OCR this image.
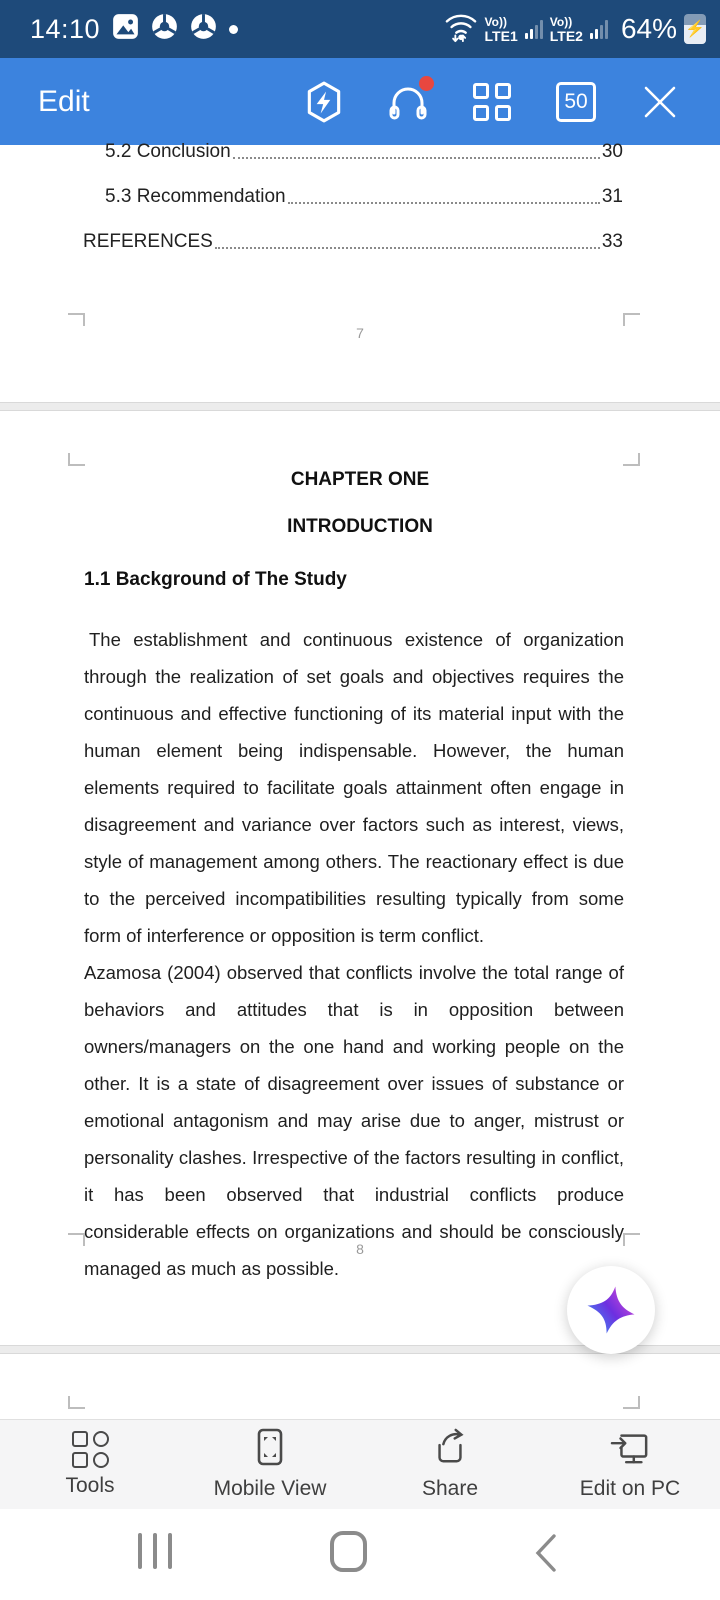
14:10	Vo))
LTE1
Vo))
LTE2 64% ⚡
Edit	50
5.2 Conclusion	30
5.3 Recommendation	31
REFERENCES	33
7
CHAPTER ONE
INTRODUCTION
1.1 Background of The Study

The establishment and continuous existence of organization through the realization of set goals and objectives requires the continuous and effective functioning of its material input with the human element being indispensable. However, the human elements required to facilitate goals attainment often engage in disagreement and variance over factors such as interest, views, style of management among others. The reactionary effect is due to the perceived incompatibilities resulting typically from some form of interference or opposition is term conflict.

Azamosa (2004) observed that conflicts involve the total range of behaviors and attitudes that is in opposition between owners/managers on the one hand and working people on the other. It is a state of disagreement over issues of substance or emotional antagonism and may arise due to anger, mistrust or personality clashes. Irrespective of the factors resulting in conflict, it has been observed that industrial conflicts produce considerable effects on organizations and should be consciously managed as much as possible.

8
Tools	Mobile View	Share	Edit on PC
